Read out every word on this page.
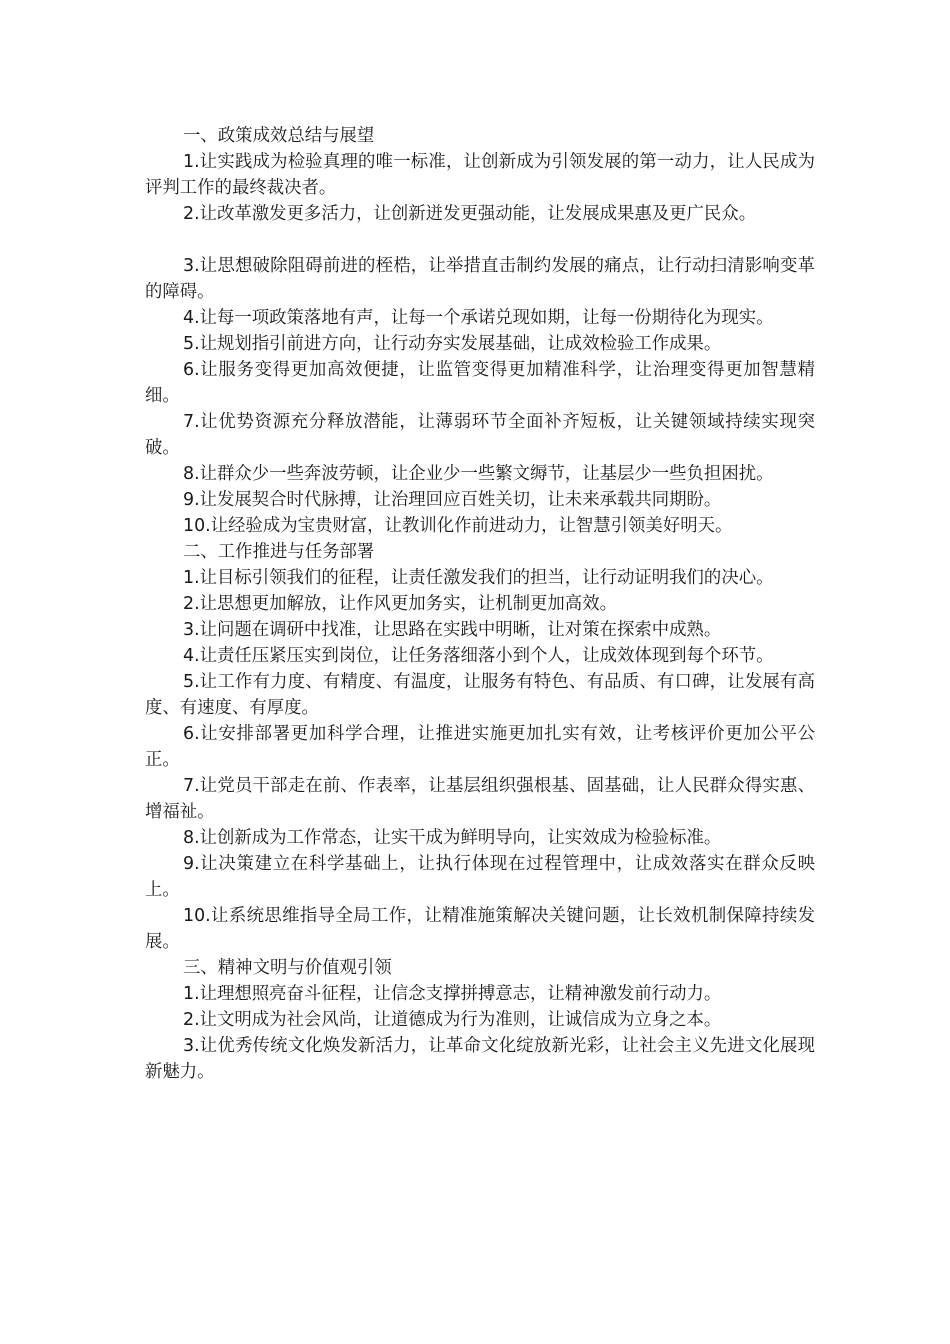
一、政策成效总结与展望

1.让实践成为检验真理的唯一标准，让创新成为引领发展的第一动力，让人民成为评判工作的最终裁决者。

2.让改革激发更多活力，让创新迸发更强动能，让发展成果惠及更广民众。

3.让思想破除阻碍前进的桎梏，让举措直击制约发展的痛点，让行动扫清影响变革的障碍。

4.让每一项政策落地有声，让每一个承诺兑现如期，让每一份期待化为现实。

5.让规划指引前进方向，让行动夯实发展基础，让成效检验工作成果。

6.让服务变得更加高效便捷，让监管变得更加精准科学，让治理变得更加智慧精细。

7.让优势资源充分释放潜能，让薄弱环节全面补齐短板，让关键领域持续实现突破。

8.让群众少一些奔波劳顿，让企业少一些繁文缛节，让基层少一些负担困扰。

9.让发展契合时代脉搏，让治理回应百姓关切，让未来承载共同期盼。

10.让经验成为宝贵财富，让教训化作前进动力，让智慧引领美好明天。

二、工作推进与任务部署

1.让目标引领我们的征程，让责任激发我们的担当，让行动证明我们的决心。

2.让思想更加解放，让作风更加务实，让机制更加高效。

3.让问题在调研中找准，让思路在实践中明晰，让对策在探索中成熟。

4.让责任压紧压实到岗位，让任务落细落小到个人，让成效体现到每个环节。

5.让工作有力度、有精度、有温度，让服务有特色、有品质、有口碑，让发展有高度、有速度、有厚度。

6.让安排部署更加科学合理，让推进实施更加扎实有效，让考核评价更加公平公正。

7.让党员干部走在前、作表率，让基层组织强根基、固基础，让人民群众得实惠、增福祉。

8.让创新成为工作常态，让实干成为鲜明导向，让实效成为检验标准。

9.让决策建立在科学基础上，让执行体现在过程管理中，让成效落实在群众反映上。

10.让系统思维指导全局工作，让精准施策解决关键问题，让长效机制保障持续发展。

三、精神文明与价值观引领

1.让理想照亮奋斗征程，让信念支撑拼搏意志，让精神激发前行动力。

2.让文明成为社会风尚，让道德成为行为准则，让诚信成为立身之本。

3.让优秀传统文化焕发新活力，让革命文化绽放新光彩，让社会主义先进文化展现新魅力。
